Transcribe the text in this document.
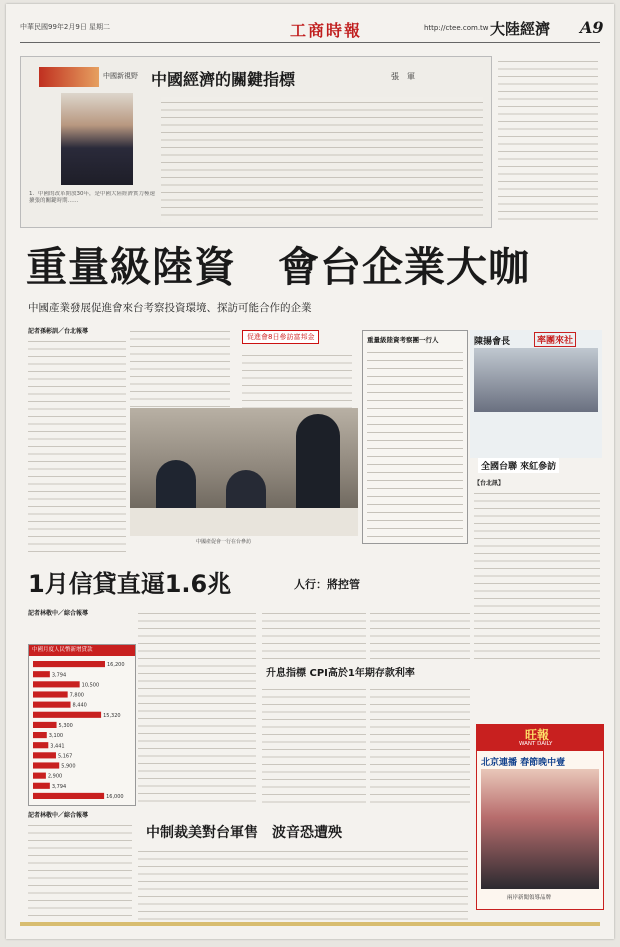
中華民國99年2月9日 星期二	工商時報	http://ctee.com.tw 大陸經濟 A9
中國新視野 中國經濟的關鍵指標	張　軍
1．中國的改革開放30年，是中國大陸經濟實力極速擴張的關鍵時期……
重量級陸資　會台企業大咖
中國產業發展促進會來台考察投資環境、探訪可能合作的企業
記者孫彬訓／台北報導
促進會8日參訪富邦金
中國產促會一行在台參訪
重量級陸資考察團一行人	陳揚會長	率團來社
全國台聯 來紅參訪
【台北訊】
1月信貸直逼1.6兆	人行：將控管
記者林敬中／綜合報導
升息指標 CPI高於1年期存款利率
中國月度人民幣新增貸款
16,200
3,794
10,500
7,800
8,440
15,320
5,300
3,100
3,441
5,167
5,900
2,900
3,794
16,000
記者林敬中／綜合報導
中制裁美對台軍售　波音恐遭殃
旺報
WANT DAILY
北京連播 春節晚中壹
兩岸新聞領導品牌
